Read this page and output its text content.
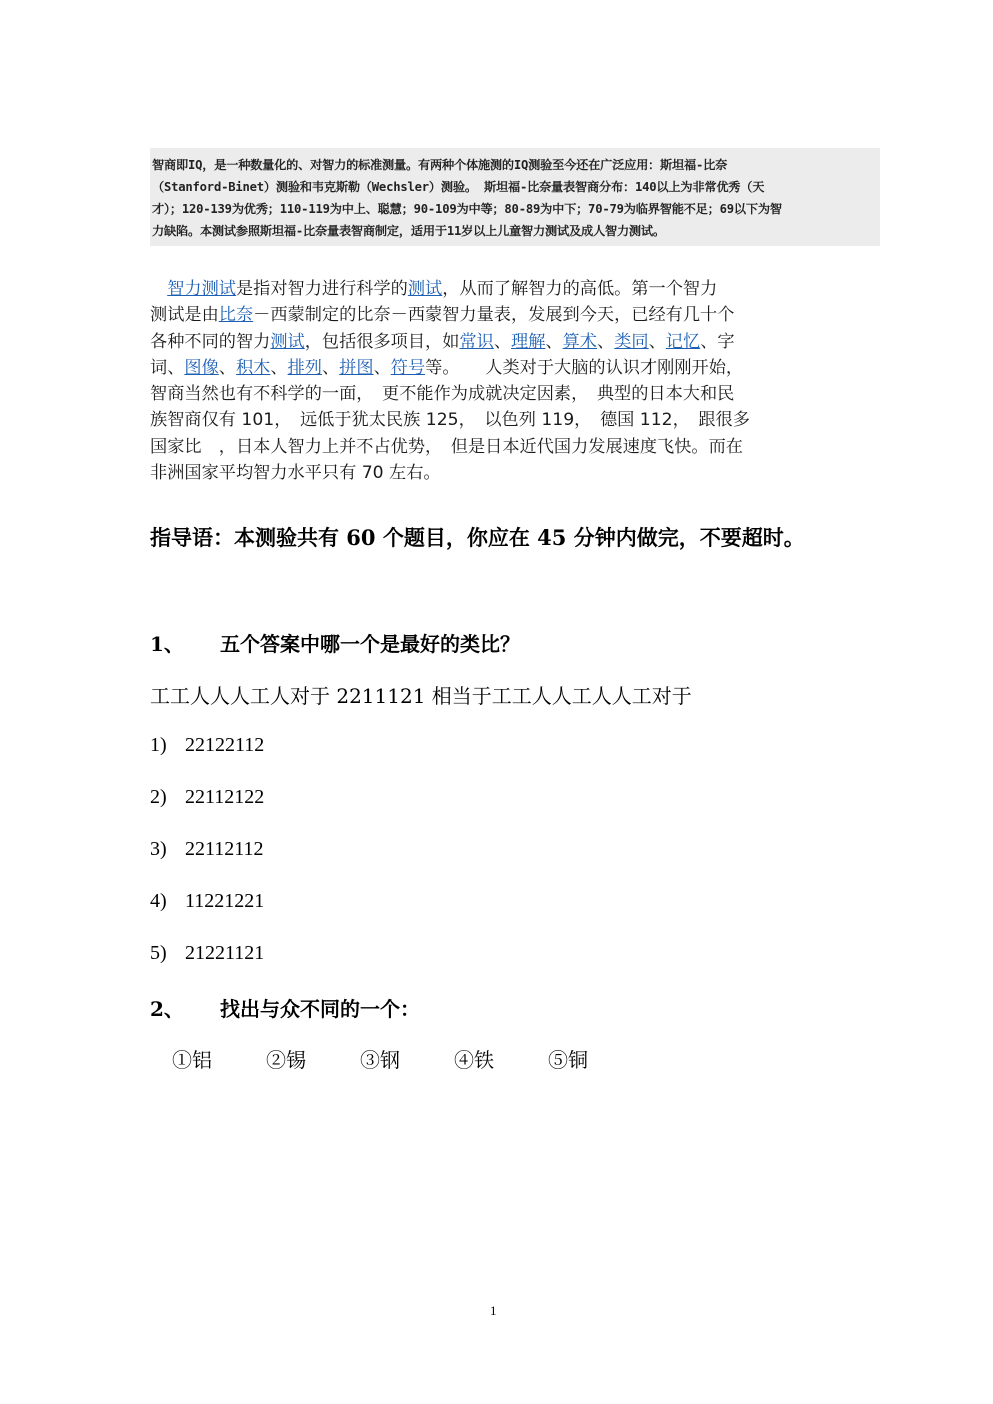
智商即IQ，是一种数量化的、对智力的标准测量。有两种个体施测的IQ测验至今还在广泛应用：斯坦福-比奈
（Stanford-Binet）测验和韦克斯勒（Wechsler）测验。 斯坦福-比奈量表智商分布：140以上为非常优秀（天
才）；120-139为优秀；110-119为中上、聪慧；90-109为中等；80-89为中下；70-79为临界智能不足；69以下为智
力缺陷。本测试参照斯坦福-比奈量表智商制定，适用于11岁以上儿童智力测试及成人智力测试。
　智力测试是指对智力进行科学的测试，从而了解智力的高低。第一个智力
测试是由比奈－西蒙制定的比奈－西蒙智力量表，发展到今天，已经有几十个
各种不同的智力测试，包括很多项目，如常识、理解、算术、类同、记忆、字
词、图像、积木、排列、拼图、符号等。　　人类对于大脑的认识才刚刚开始，
智商当然也有不科学的一面，　更不能作为成就决定因素，　典型的日本大和民
族智商仅有 101，　远低于犹太民族 125，　以色列 119，　德国 112，　跟很多
国家比　，日本人智力上并不占优势，　但是日本近代国力发展速度飞快。而在
非洲国家平均智力水平只有 70 左右。
指导语：本测验共有 60 个题目，你应在 45 分钟内做完，不要超时。
1、 五个答案中哪一个是最好的类比？
工工人人人工人对于 2211121 相当于工工人人工人人工对于
1) 22122112
2) 22112122
3) 22112112
4) 11221221
5) 21221121
2、 找出与众不同的一个：
①铝	②锡	③钢	④铁	⑤铜
1
